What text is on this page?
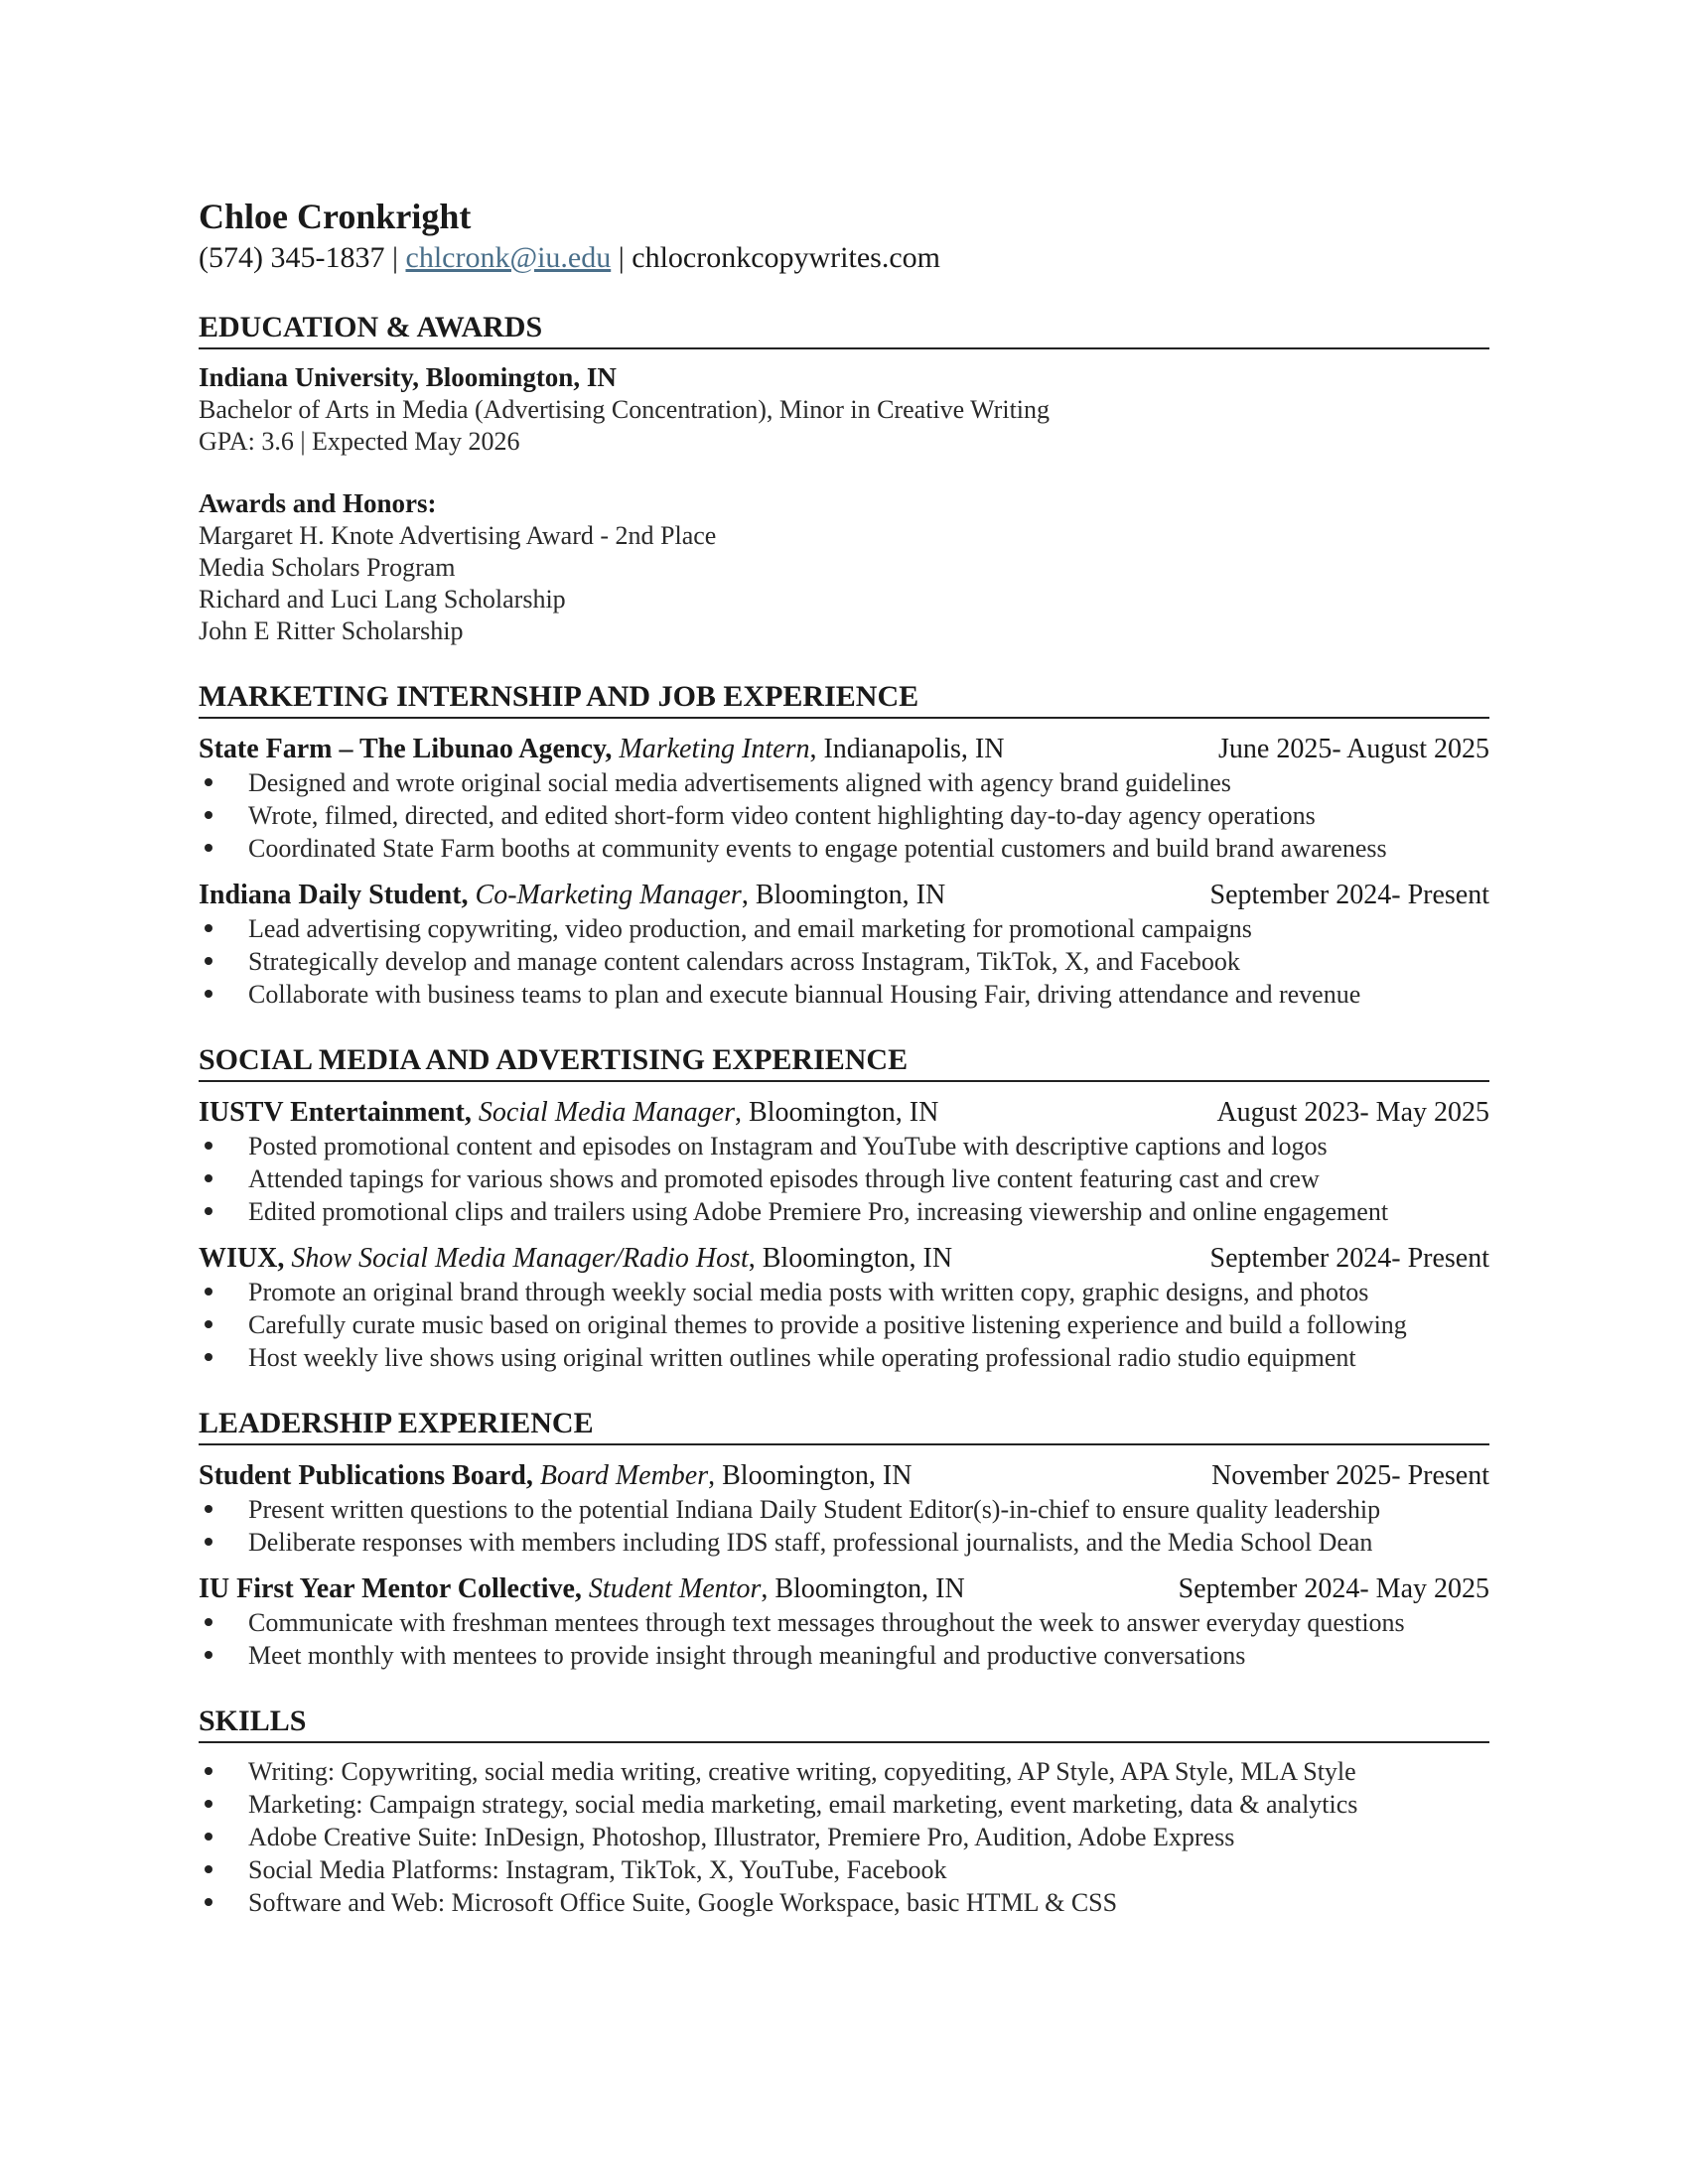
Chloe Cronkright
(574) 345-1837 | chlcronk@iu.edu | chlocronkcopywrites.com
EDUCATION & AWARDS
Indiana University, Bloomington, IN
Bachelor of Arts in Media (Advertising Concentration), Minor in Creative Writing
GPA: 3.6 | Expected May 2026
Awards and Honors:
Margaret H. Knote Advertising Award - 2nd Place
Media Scholars Program
Richard and Luci Lang Scholarship
John E Ritter Scholarship
MARKETING INTERNSHIP AND JOB EXPERIENCE
State Farm – The Libunao Agency, Marketing Intern, Indianapolis, IN	June 2025- August 2025
Designed and wrote original social media advertisements aligned with agency brand guidelines
Wrote, filmed, directed, and edited short-form video content highlighting day-to-day agency operations
Coordinated State Farm booths at community events to engage potential customers and build brand awareness
Indiana Daily Student, Co-Marketing Manager, Bloomington, IN	September 2024- Present
Lead advertising copywriting, video production, and email marketing for promotional campaigns
Strategically develop and manage content calendars across Instagram, TikTok, X, and Facebook
Collaborate with business teams to plan and execute biannual Housing Fair, driving attendance and revenue
SOCIAL MEDIA AND ADVERTISING EXPERIENCE
IUSTV Entertainment, Social Media Manager, Bloomington, IN	August 2023- May 2025
Posted promotional content and episodes on Instagram and YouTube with descriptive captions and logos
Attended tapings for various shows and promoted episodes through live content featuring cast and crew
Edited promotional clips and trailers using Adobe Premiere Pro, increasing viewership and online engagement
WIUX, Show Social Media Manager/Radio Host, Bloomington, IN	September 2024- Present
Promote an original brand through weekly social media posts with written copy, graphic designs, and photos
Carefully curate music based on original themes to provide a positive listening experience and build a following
Host weekly live shows using original written outlines while operating professional radio studio equipment
LEADERSHIP EXPERIENCE
Student Publications Board, Board Member, Bloomington, IN	November 2025- Present
Present written questions to the potential Indiana Daily Student Editor(s)-in-chief to ensure quality leadership
Deliberate responses with members including IDS staff, professional journalists, and the Media School Dean
IU First Year Mentor Collective, Student Mentor, Bloomington, IN	September 2024- May 2025
Communicate with freshman mentees through text messages throughout the week to answer everyday questions
Meet monthly with mentees to provide insight through meaningful and productive conversations
SKILLS
Writing: Copywriting, social media writing, creative writing, copyediting, AP Style, APA Style, MLA Style
Marketing: Campaign strategy, social media marketing, email marketing, event marketing, data & analytics
Adobe Creative Suite: InDesign, Photoshop, Illustrator, Premiere Pro, Audition, Adobe Express
Social Media Platforms: Instagram, TikTok, X, YouTube, Facebook
Software and Web: Microsoft Office Suite, Google Workspace, basic HTML & CSS
